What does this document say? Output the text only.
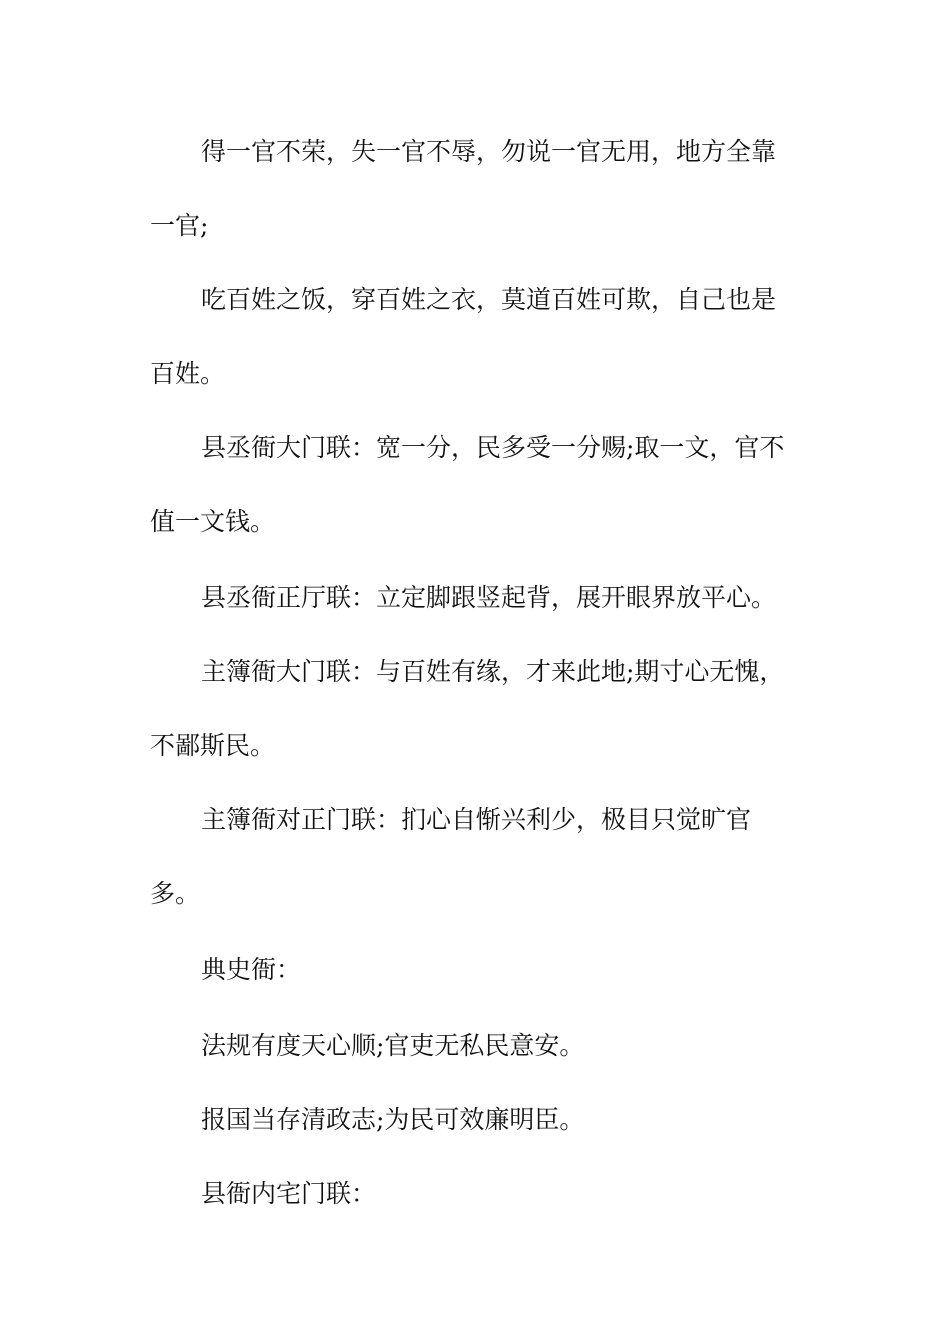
得一官不荣，失一官不辱，勿说一官无用，地方全靠

一官;

吃百姓之饭，穿百姓之衣，莫道百姓可欺，自己也是

百姓。

县丞衙大门联：宽一分，民多受一分赐;取一文，官不

值一文钱。

县丞衙正厅联：立定脚跟竖起背，展开眼界放平心。

主簿衙大门联：与百姓有缘，才来此地;期寸心无愧，

不鄙斯民。

主簿衙对正门联：扪心自惭兴利少，极目只觉旷官

多。

典史衙：

法规有度天心顺;官吏无私民意安。

报国当存清政志;为民可效廉明臣。

县衙内宅门联：
